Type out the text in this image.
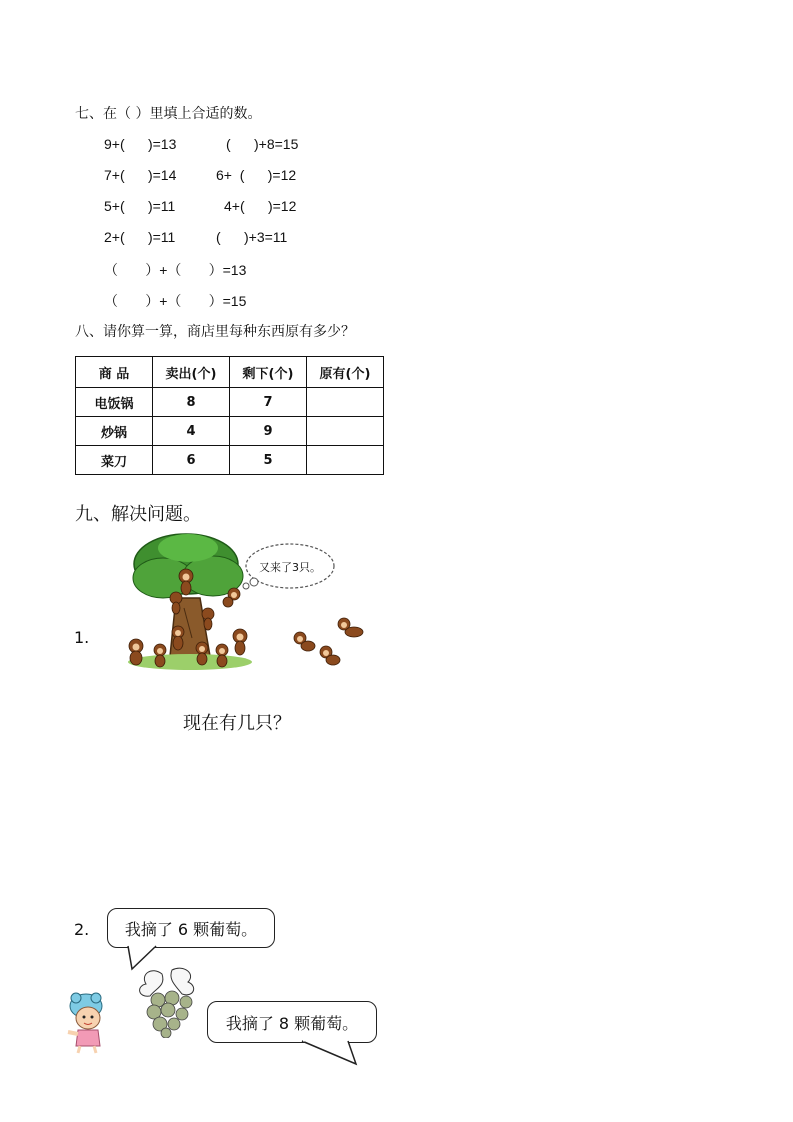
七、在（ ）里填上合适的数。
9+(      )=13	(      )+8=15
7+(      )=14	6+  (      )=12
5+(      )=11	4+(      )=12
2+(      )=11	(      )+3=11
（       ）+（       ）=13
（       ）+（       ）=15
八、请你算一算，商店里每种东西原有多少？
商 品	卖出(个)	剩下(个)	原有(个)
电饭锅	8	7	
炒锅	4	9	
菜刀	6	5	
九、解决问题。
1.
又来了3只。
现在有几只？
2. 我摘了 6 颗葡萄。
我摘了 8 颗葡萄。
